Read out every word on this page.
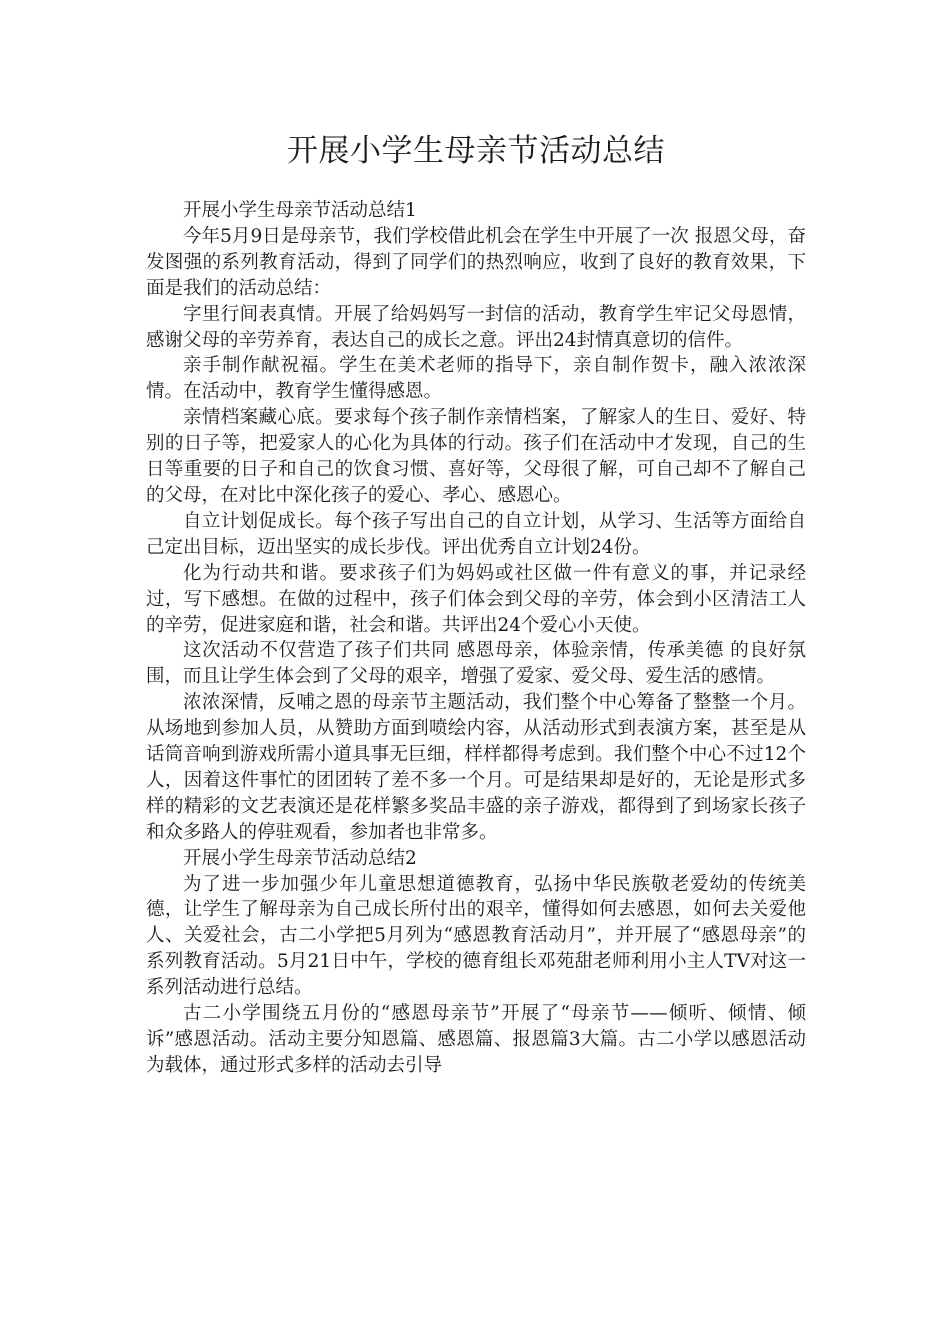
开展小学生母亲节活动总结

开展小学生母亲节活动总结1

今年5月9日是母亲节，我们学校借此机会在学生中开展了一次 报恩父母，奋发图强的系列教育活动，得到了同学们的热烈响应，收到了良好的教育效果，下面是我们的活动总结：

字里行间表真情。开展了给妈妈写一封信的活动，教育学生牢记父母恩情，感谢父母的辛劳养育，表达自己的成长之意。评出24封情真意切的信件。

亲手制作献祝福。学生在美术老师的指导下，亲自制作贺卡，融入浓浓深情。在活动中，教育学生懂得感恩。

亲情档案藏心底。要求每个孩子制作亲情档案，了解家人的生日、爱好、特别的日子等，把爱家人的心化为具体的行动。孩子们在活动中才发现，自己的生日等重要的日子和自己的饮食习惯、喜好等，父母很了解，可自己却不了解自己的父母，在对比中深化孩子的爱心、孝心、感恩心。

自立计划促成长。每个孩子写出自己的自立计划，从学习、生活等方面给自己定出目标，迈出坚实的成长步伐。评出优秀自立计划24份。

化为行动共和谐。要求孩子们为妈妈或社区做一件有意义的事，并记录经过，写下感想。在做的过程中，孩子们体会到父母的辛劳，体会到小区清洁工人的辛劳，促进家庭和谐，社会和谐。共评出24个爱心小天使。

这次活动不仅营造了孩子们共同 感恩母亲，体验亲情，传承美德 的良好氛围，而且让学生体会到了父母的艰辛，增强了爱家、爱父母、爱生活的感情。

浓浓深情，反哺之恩的母亲节主题活动，我们整个中心筹备了整整一个月。从场地到参加人员，从赞助方面到喷绘内容，从活动形式到表演方案，甚至是从话筒音响到游戏所需小道具事无巨细，样样都得考虑到。我们整个中心不过12个人，因着这件事忙的团团转了差不多一个月。可是结果却是好的，无论是形式多样的精彩的文艺表演还是花样繁多奖品丰盛的亲子游戏，都得到了到场家长孩子和众多路人的停驻观看，参加者也非常多。

开展小学生母亲节活动总结2

为了进一步加强少年儿童思想道德教育，弘扬中华民族敬老爱幼的传统美德，让学生了解母亲为自己成长所付出的艰辛，懂得如何去感恩，如何去关爱他人、关爱社会，古二小学把5月列为“感恩教育活动月”，并开展了“感恩母亲”的系列教育活动。5月21日中午，学校的德育组长邓苑甜老师利用小主人TV对这一系列活动进行总结。

古二小学围绕五月份的“感恩母亲节”开展了“母亲节——倾听、倾情、倾诉”感恩活动。活动主要分知恩篇、感恩篇、报恩篇3大篇。古二小学以感恩活动为载体，通过形式多样的活动去引导
